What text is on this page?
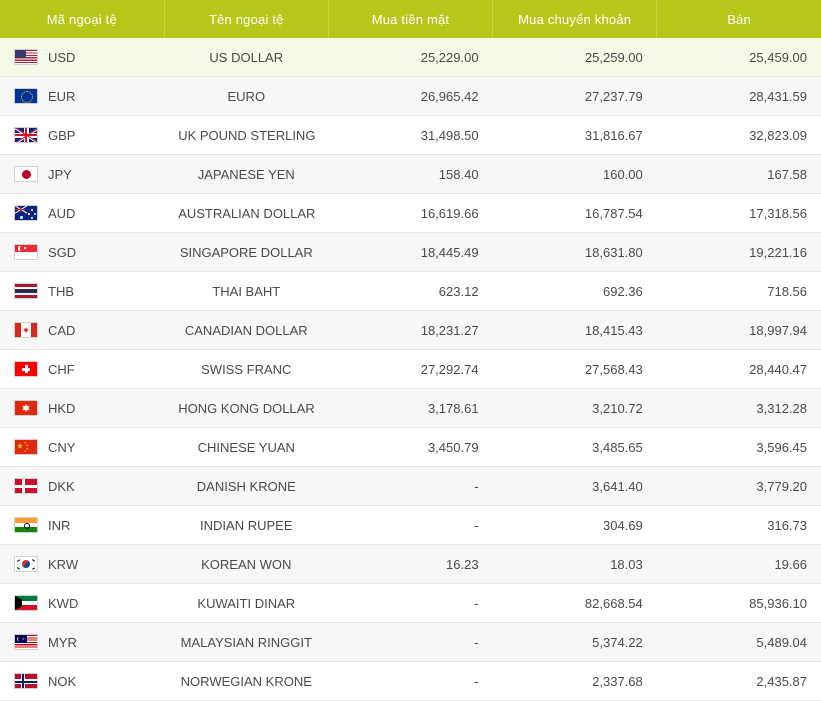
Mã ngoại tệ	Tên ngoại tệ	Mua tiền mặt	Mua chuyển khoản	Bán

USD	US DOLLAR	25,229.00	25,259.00	25,459.00

EUR	EURO	26,965.42	27,237.79	28,431.59

GBP	UK POUND STERLING	31,498.50	31,816.67	32,823.09

JPY	JAPANESE YEN	158.40	160.00	167.58

AUD	AUSTRALIAN DOLLAR	16,619.66	16,787.54	17,318.56

SGD	SINGAPORE DOLLAR	18,445.49	18,631.80	19,221.16

THB	THAI BAHT	623.12	692.36	718.56

CAD	CANADIAN DOLLAR	18,231.27	18,415.43	18,997.94

CHF	SWISS FRANC	27,292.74	27,568.43	28,440.47

HKD	HONG KONG DOLLAR	3,178.61	3,210.72	3,312.28

CNY	CHINESE YUAN	3,450.79	3,485.65	3,596.45

DKK	DANISH KRONE	-	3,641.40	3,779.20

INR	INDIAN RUPEE	-	304.69	316.73

KRW	KOREAN WON	16.23	18.03	19.66

KWD	KUWAITI DINAR	-	82,668.54	85,936.10

MYR	MALAYSIAN RINGGIT	-	5,374.22	5,489.04

NOK	NORWEGIAN KRONE	-	2,337.68	2,435.87
